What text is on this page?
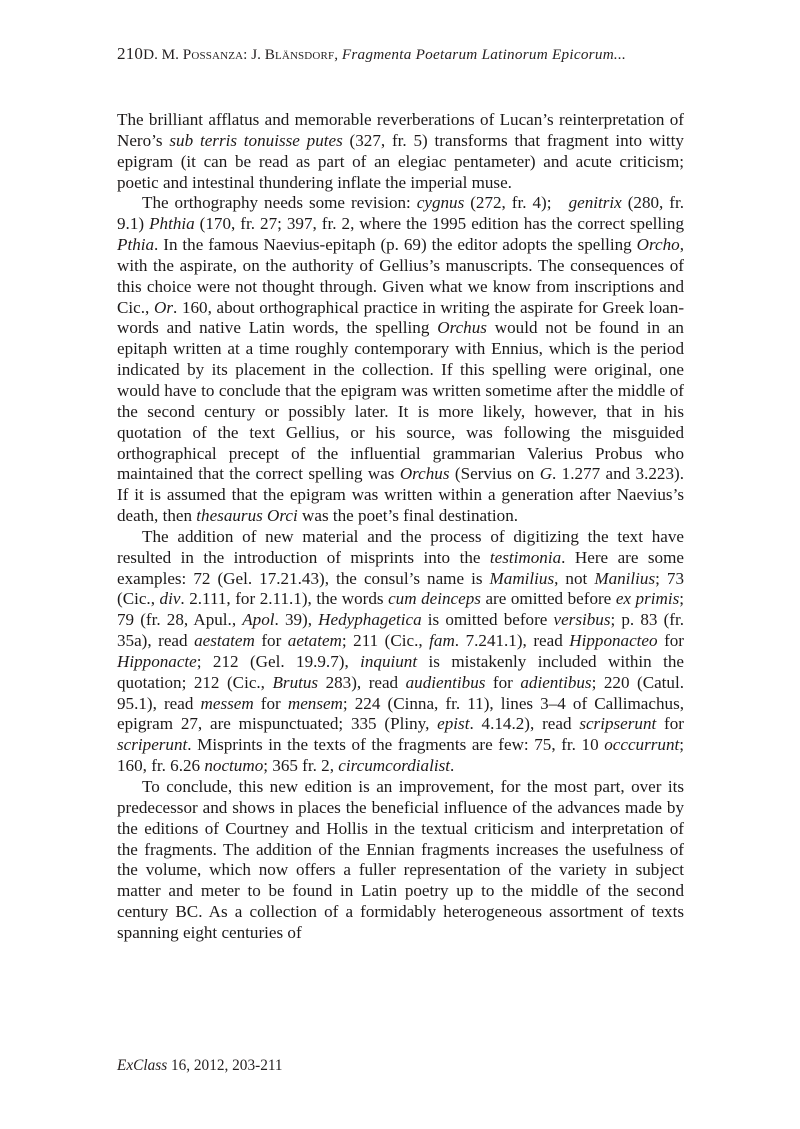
210D. M. Possanza: J. Blänsdorf, Fragmenta Poetarum Latinorum Epicorum...

The brilliant afflatus and memorable reverberations of Lucan’s reinterpretation of Nero’s sub terris tonuisse putes (327, fr. 5) transforms that fragment into witty epigram (it can be read as part of an elegiac pentameter) and acute criticism; poetic and intestinal thundering inflate the imperial muse.

The orthography needs some revision: cygnus (272, fr. 4); genitrix (280, fr. 9.1) Phthia (170, fr. 27; 397, fr. 2, where the 1995 edition has the correct spelling Pthia. In the famous Naevius-epitaph (p. 69) the editor adopts the spelling Orcho, with the aspirate, on the authority of Gellius’s manuscripts. The consequences of this choice were not thought through. Given what we know from inscriptions and Cic., Or. 160, about orthographical practice in writing the aspirate for Greek loan-words and native Latin words, the spelling Orchus would not be found in an epitaph written at a time roughly contemporary with Ennius, which is the period indicated by its placement in the collection. If this spelling were original, one would have to conclude that the epigram was written sometime after the middle of the second century or possibly later. It is more likely, however, that in his quotation of the text Gellius, or his source, was following the misguided orthographical precept of the influential grammarian Valerius Probus who maintained that the correct spelling was Orchus (Servius on G. 1.277 and 3.223). If it is assumed that the epigram was written within a generation after Naevius’s death, then thesaurus Orci was the poet’s final destination.

The addition of new material and the process of digitizing the text have resulted in the introduction of misprints into the testimonia. Here are some examples: 72 (Gel. 17.21.43), the consul’s name is Mamilius, not Manilius; 73 (Cic., div. 2.111, for 2.11.1), the words cum deinceps are omitted before ex primis; 79 (fr. 28, Apul., Apol. 39), Hedyphagetica is omitted before versibus; p. 83 (fr. 35a), read aestatem for aetatem; 211 (Cic., fam. 7.241.1), read Hipponacteo for Hipponacte; 212 (Gel. 19.9.7), inquiunt is mistakenly included within the quotation; 212 (Cic., Brutus 283), read audientibus for adientibus; 220 (Catul. 95.1), read messem for mensem; 224 (Cinna, fr. 11), lines 3–4 of Callimachus, epigram 27, are mispunctuated; 335 (Pliny, epist. 4.14.2), read scripserunt for scriperunt. Misprints in the texts of the fragments are few: 75, fr. 10 occcurrunt; 160, fr. 6.26 noctumo; 365 fr. 2, circumcordialist.

To conclude, this new edition is an improvement, for the most part, over its predecessor and shows in places the beneficial influence of the advances made by the editions of Courtney and Hollis in the textual criticism and interpretation of the fragments. The addition of the Ennian fragments increases the usefulness of the volume, which now offers a fuller representation of the variety in subject matter and meter to be found in Latin poetry up to the middle of the second century BC. As a collection of a formidably heterogeneous assortment of texts spanning eight centuries of

ExClass 16, 2012, 203-211
